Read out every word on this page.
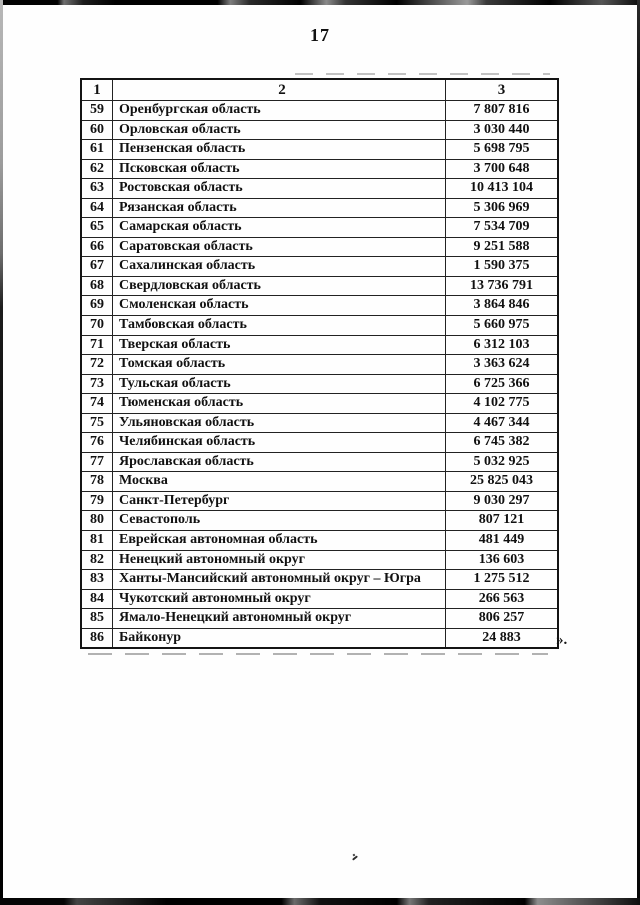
17
1	2	3
59	Оренбургская область	7 807 816
60	Орловская область	3 030 440
61	Пензенская область	5 698 795
62	Псковская область	3 700 648
63	Ростовская область	10 413 104
64	Рязанская область	5 306 969
65	Самарская область	7 534 709
66	Саратовская область	9 251 588
67	Сахалинская область	1 590 375
68	Свердловская область	13 736 791
69	Смоленская область	3 864 846
70	Тамбовская область	5 660 975
71	Тверская область	6 312 103
72	Томская область	3 363 624
73	Тульская область	6 725 366
74	Тюменская область	4 102 775
75	Ульяновская область	4 467 344
76	Челябинская область	6 745 382
77	Ярославская область	5 032 925
78	Москва	25 825 043
79	Санкт-Петербург	9 030 297
80	Севастополь	807 121
81	Еврейская автономная область	481 449
82	Ненецкий автономный округ	136 603
83	Ханты-Мансийский автономный округ – Югра	1 275 512
84	Чукотский автономный округ	266 563
85	Ямало-Ненецкий автономный округ	806 257
86	Байконур	24 883 ».
